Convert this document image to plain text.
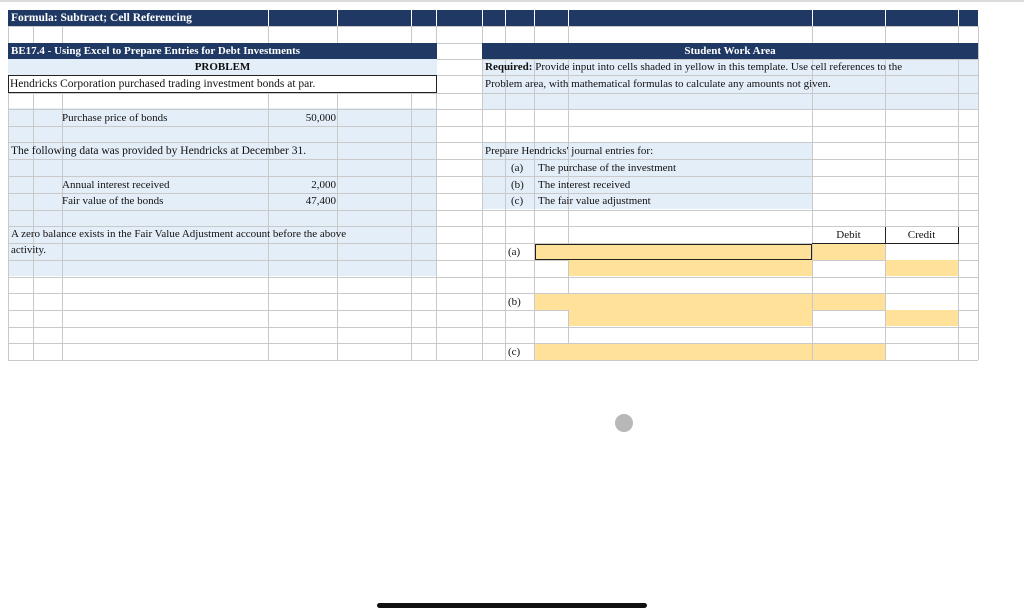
Formula: Subtract; Cell Referencing
BE17.4 - Using Excel to Prepare Entries for Debt Investments
PROBLEM
Hendricks Corporation purchased trading investment bonds at par.
Purchase price of bonds	50,000
The following data was provided by Hendricks at December 31.
Annual interest received	2,000
Fair value of the bonds	47,400
A zero balance exists in the Fair Value Adjustment account before the above
activity.
Student Work Area
Required: Provide input into cells shaded in yellow in this template. Use cell references to the
Problem area, with mathematical formulas to calculate any amounts not given.
Prepare Hendricks' journal entries for:
(a) The purchase of the investment
(b) The interest received
(c) The fair value adjustment
Debit	Credit
(a)
(b)
(c)
